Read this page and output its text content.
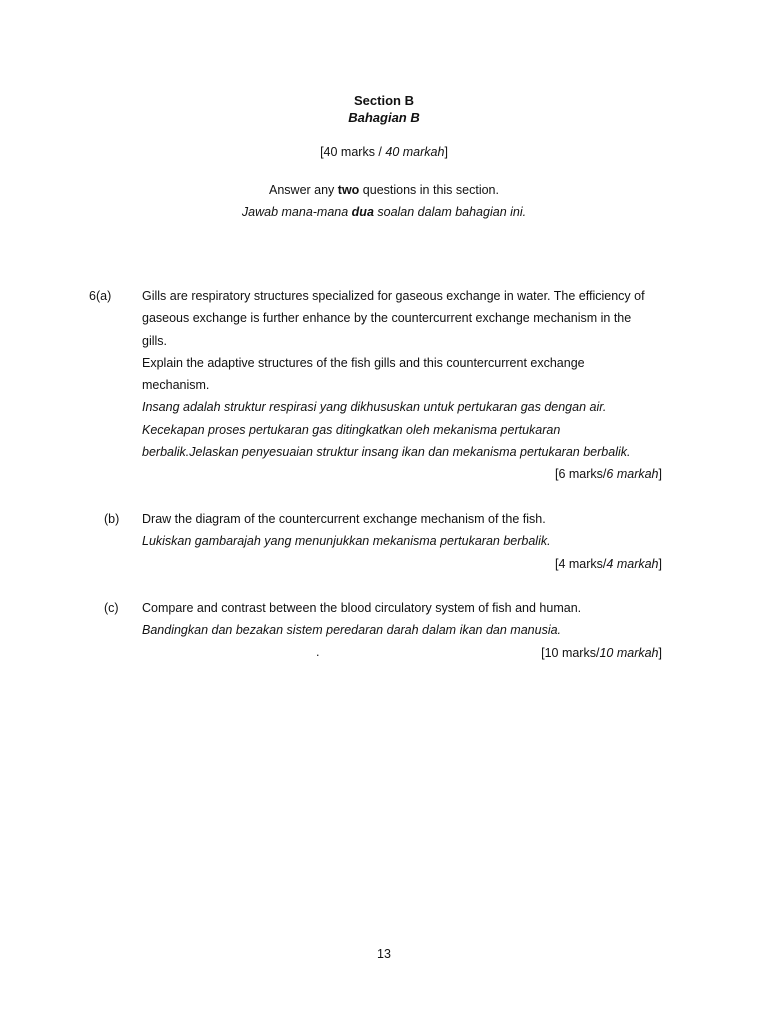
Section B
Bahagian B
[40 marks / 40 markah]
Answer any two questions in this section.
Jawab mana-mana dua soalan dalam bahagian ini.
6(a) Gills are respiratory structures specialized for gaseous exchange in water. The efficiency of
gaseous exchange is further enhance by the countercurrent exchange mechanism in the
gills.
Explain the adaptive structures of the fish gills and this countercurrent exchange
mechanism.
Insang adalah struktur respirasi yang dikhususkan untuk pertukaran gas dengan air.
Kecekapan proses pertukaran gas ditingkatkan oleh mekanisma pertukaran
berbalik.Jelaskan penyesuaian struktur insang ikan dan mekanisma pertukaran berbalik.
[6 marks/6 markah]
(b) Draw the diagram of the countercurrent exchange mechanism of the fish.
Lukiskan gambarajah yang menunjukkan mekanisma pertukaran berbalik.
[4 marks/4 markah]
(c) Compare and contrast between the blood circulatory system of fish and human.
Bandingkan dan bezakan sistem peredaran darah dalam ikan dan manusia.
[10 marks/10 markah]
.
13
